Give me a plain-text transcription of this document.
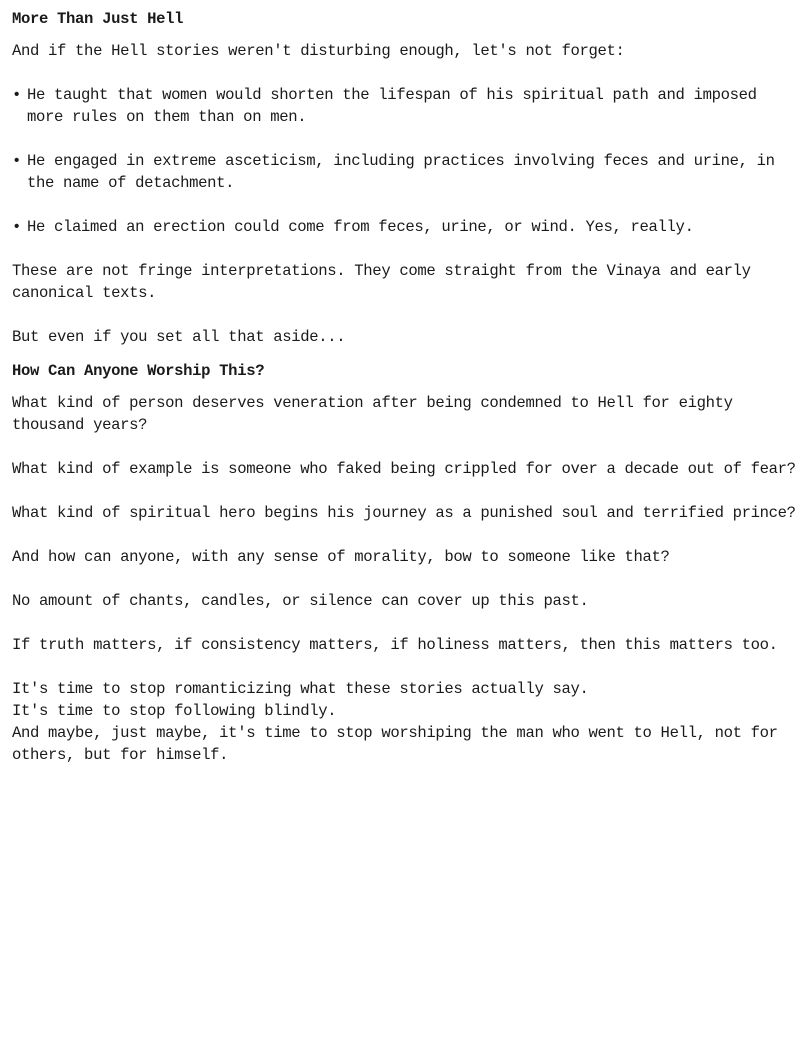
More Than Just Hell

And if the Hell stories weren't disturbing enough, let's not forget:

• He taught that women would shorten the lifespan of his spiritual path and imposed more rules on them than on men.
• He engaged in extreme asceticism, including practices involving feces and urine, in the name of detachment.
• He claimed an erection could come from feces, urine, or wind. Yes, really.

These are not fringe interpretations. They come straight from the Vinaya and early canonical texts.

But even if you set all that aside...

How Can Anyone Worship This?

What kind of person deserves veneration after being condemned to Hell for eighty thousand years?

What kind of example is someone who faked being crippled for over a decade out of fear?

What kind of spiritual hero begins his journey as a punished soul and terrified prince?

And how can anyone, with any sense of morality, bow to someone like that?

No amount of chants, candles, or silence can cover up this past.

If truth matters, if consistency matters, if holiness matters, then this matters too.

It's time to stop romanticizing what these stories actually say.

It's time to stop following blindly.

And maybe, just maybe, it's time to stop worshiping the man who went to Hell, not for others, but for himself.
